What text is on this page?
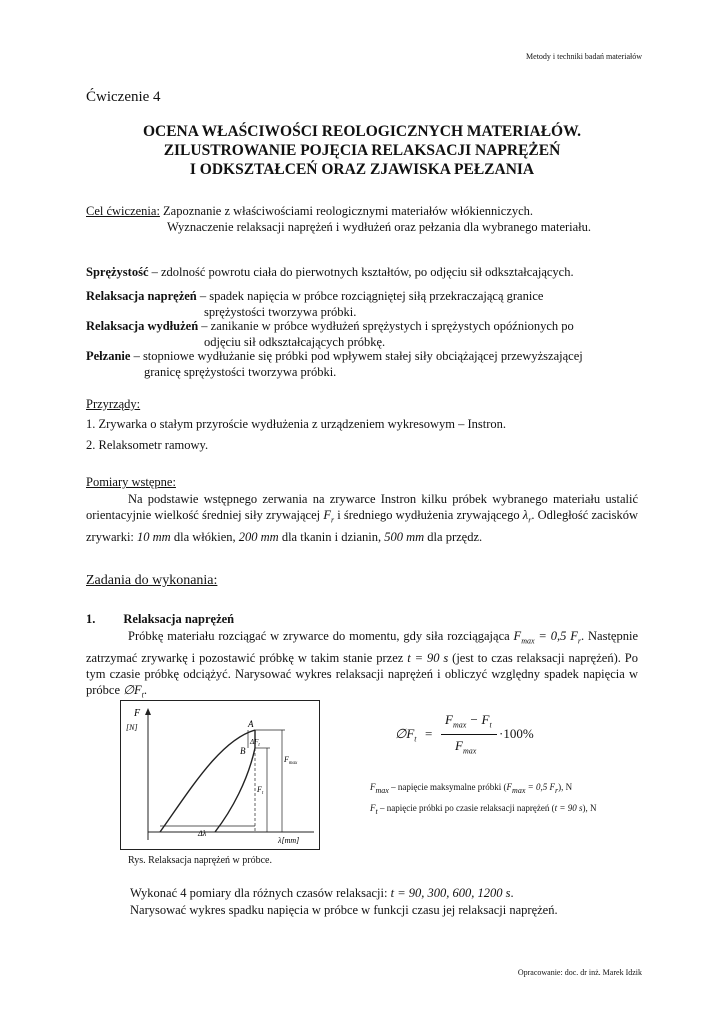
Metody i techniki badań materiałów
Ćwiczenie 4
OCENA WŁAŚCIWOŚCI REOLOGICZNYCH MATERIAŁÓW.
ZILUSTROWANIE POJĘCIA RELAKSACJI NAPRĘŻEŃ
I ODKSZTAŁCEŃ ORAZ ZJAWISKA PEŁZANIA
Cel ćwiczenia: Zapoznanie z właściwościami reologicznymi materiałów włókienniczych.
Wyznaczenie relaksacji naprężeń i wydłużeń oraz pełzania dla wybranego materiału.
Sprężystość – zdolność powrotu ciała do pierwotnych kształtów, po odjęciu sił odkształcających.
Relaksacja naprężeń – spadek napięcia w próbce rozciągniętej siłą przekraczającą granice
sprężystości tworzywa próbki.
Relaksacja wydłużeń – zanikanie w próbce wydłużeń sprężystych i sprężystych opóźnionych po
odjęciu sił odkształcających próbkę.
Pełzanie – stopniowe wydłużanie się próbki pod wpływem stałej siły obciążającej przewyższającej
granicę sprężystości tworzywa próbki.
Przyrządy:
1. Zrywarka o stałym przyroście wydłużenia z urządzeniem wykresowym – Instron.
2. Relaksometr ramowy.
Pomiary wstępne:
Na podstawie wstępnego zerwania na zrywarce Instron kilku próbek wybranego materiału ustalić orientacyjnie wielkość średniej siły zrywającej $F_r$ i średniego wydłużenia zrywającego $\lambda_r$. Odległość zacisków zrywarki: 10 mm dla włókien, 200 mm dla tkanin i dzianin, 500 mm dla przędz.
Zadania do wykonania:
1. Relaksacja naprężeń
Próbkę materiału rozciągać w zrywarce do momentu, gdy siła rozciągająca $F_{max} = 0,5$ $F_r$. Następnie zatrzymać zrywarkę i pozostawić próbkę w takim stanie przez t = 90 s (jest to czas relaksacji naprężeń). Po tym czasie próbkę odciążyć. Narysować wykres relaksacji naprężeń i obliczyć względny spadek napięcia w próbce $\emptyset F_t$.
F
[N]	A
B
$\Delta F_t$
$F_t$
$F_{max}$
Δλ
λ[mm]
Rys. Relaksacja naprężeń w próbce.
$\emptyset F_t$ =
$F_{max} - F_t$
$F_{max}$
·100%
$F_{max}$ – napięcie maksymalne próbki ($F_{max} = 0,5$ $F_r$), N
$F_t$ – napięcie próbki po czasie relaksacji naprężeń (t = 90 s), N
Wykonać 4 pomiary dla różnych czasów relaksacji: t = 90, 300, 600, 1200 s.
Narysować wykres spadku napięcia w próbce w funkcji czasu jej relaksacji naprężeń.
Opracowanie: doc. dr inż. Marek Idzik
